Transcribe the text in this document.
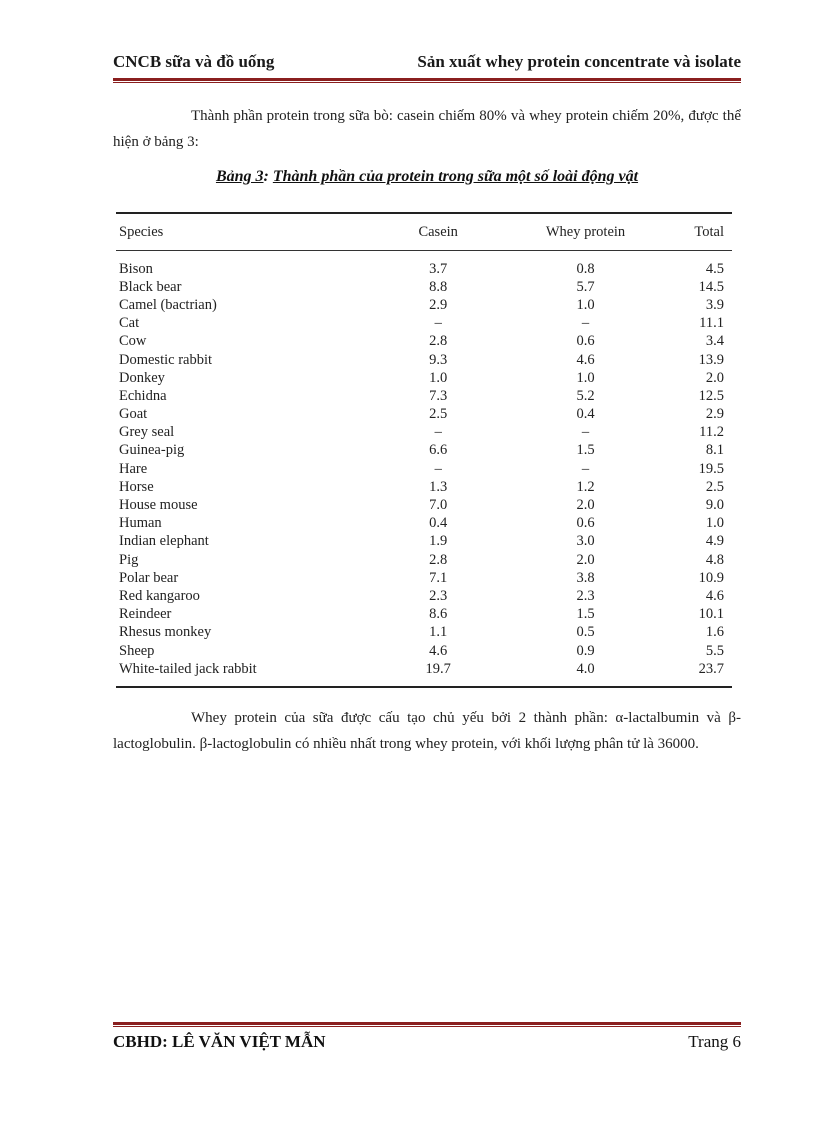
CNCB sữa và đồ uống	Sản xuất whey protein concentrate và isolate
Thành phần protein trong sữa bò: casein chiếm 80% và whey protein chiếm 20%, được thể hiện ở bảng 3:
Bảng 3: Thành phần của protein trong sữa một số loài động vật
Species	Casein	Whey protein	Total
Bison	3.7	0.8	4.5
Black bear	8.8	5.7	14.5
Camel (bactrian)	2.9	1.0	3.9
Cat	–	–	11.1
Cow	2.8	0.6	3.4
Domestic rabbit	9.3	4.6	13.9
Donkey	1.0	1.0	2.0
Echidna	7.3	5.2	12.5
Goat	2.5	0.4	2.9
Grey seal	–	–	11.2
Guinea-pig	6.6	1.5	8.1
Hare	–	–	19.5
Horse	1.3	1.2	2.5
House mouse	7.0	2.0	9.0
Human	0.4	0.6	1.0
Indian elephant	1.9	3.0	4.9
Pig	2.8	2.0	4.8
Polar bear	7.1	3.8	10.9
Red kangaroo	2.3	2.3	4.6
Reindeer	8.6	1.5	10.1
Rhesus monkey	1.1	0.5	1.6
Sheep	4.6	0.9	5.5
White-tailed jack rabbit	19.7	4.0	23.7
Whey protein của sữa được cấu tạo chủ yếu bởi 2 thành phần: α-lactalbumin và β-lactoglobulin. β-lactoglobulin có nhiều nhất trong whey protein, với khối lượng phân tử là 36000.
CBHD: LÊ VĂN VIỆT MẪN	Trang 6
